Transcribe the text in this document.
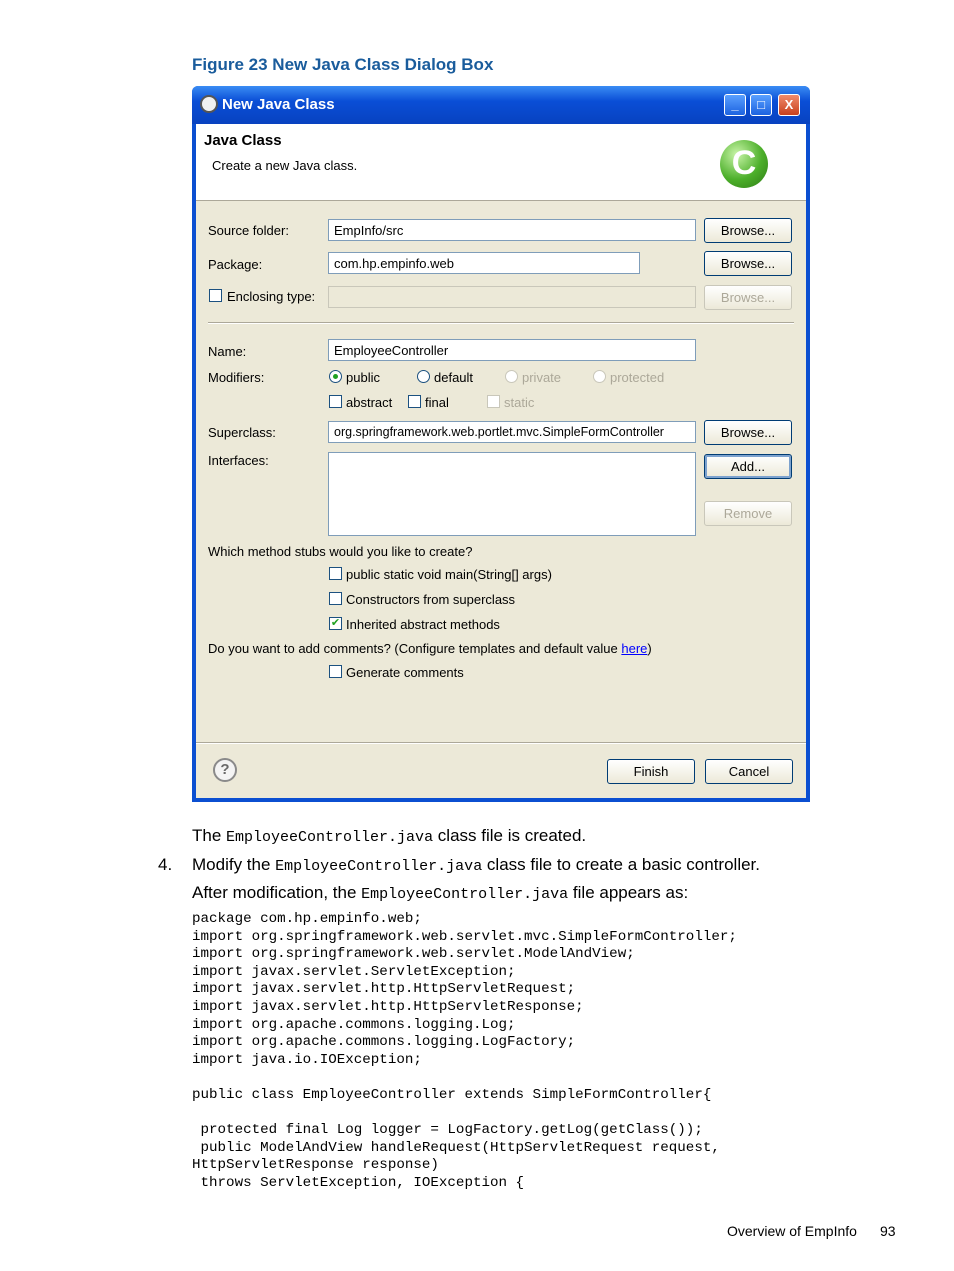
Figure 23 New Java Class Dialog Box
New Java Class	_	□	X
Java Class
Create a new Java class.	C
Source folder:	EmpInfo/src	Browse...
Package:	com.hp.empinfo.web	Browse...
Enclosing type:	Browse...
Name:	EmployeeController
Modifiers:	public	default	private	protected
abstract	final	static
Superclass:	org.springframework.web.portlet.mvc.SimpleFormController	Browse...
Interfaces:	Add...
Remove
Which method stubs would you like to create?
public static void main(String[] args)
Constructors from superclass
✔ Inherited abstract methods
Do you want to add comments? (Configure templates and default value here)
Generate comments
?	Finish	Cancel
The EmployeeController.java class file is created.
4. Modify the EmployeeController.java class file to create a basic controller.
After modification, the EmployeeController.java file appears as:
package com.hp.empinfo.web;
import org.springframework.web.servlet.mvc.SimpleFormController;
import org.springframework.web.servlet.ModelAndView;
import javax.servlet.ServletException;
import javax.servlet.http.HttpServletRequest;
import javax.servlet.http.HttpServletResponse;
import org.apache.commons.logging.Log;
import org.apache.commons.logging.LogFactory;
import java.io.IOException;

public class EmployeeController extends SimpleFormController{

protected final Log logger = LogFactory.getLog(getClass());
public ModelAndView handleRequest(HttpServletRequest request,
HttpServletResponse response)
throws ServletException, IOException {
Overview of EmpInfo 93
